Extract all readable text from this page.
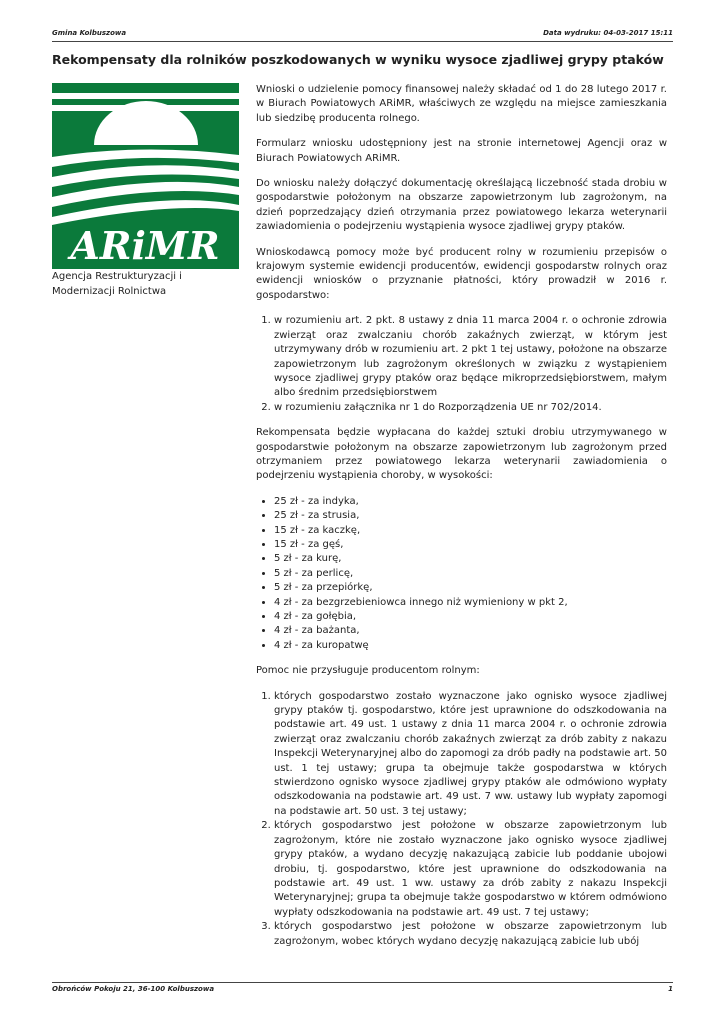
Gmina Kolbuszowa	Data wydruku: 04-03-2017 15:11
Rekompensaty dla rolników poszkodowanych w wyniku wysoce zjadliwej grypy ptaków
ARiMR
Agencja Restrukturyzacji i Modernizacji Rolnictwa

Wnioski o udzielenie pomocy finansowej należy składać od 1 do 28 lutego 2017 r. w Biurach Powiatowych ARiMR, właściwych ze względu na miejsce zamieszkania lub siedzibę producenta rolnego.

Formularz wniosku udostępniony jest na stronie internetowej Agencji oraz w Biurach Powiatowych ARiMR.

Do wniosku należy dołączyć dokumentację określającą liczebność stada drobiu w gospodarstwie położonym na obszarze zapowietrzonym lub zagrożonym, na dzień poprzedzający dzień otrzymania przez powiatowego lekarza weterynarii zawiadomienia o podejrzeniu wystąpienia wysoce zjadliwej grypy ptaków.

Wnioskodawcą pomocy może być producent rolny w rozumieniu przepisów o krajowym systemie ewidencji producentów, ewidencji gospodarstw rolnych oraz ewidencji wniosków o przyznanie płatności, który prowadził w 2016 r. gospodarstwo:

1. w rozumieniu art. 2 pkt. 8 ustawy z dnia 11 marca 2004 r. o ochronie zdrowia zwierząt oraz zwalczaniu chorób zakaźnych zwierząt, w którym jest utrzymywany drób w rozumieniu art. 2 pkt 1 tej ustawy, położone na obszarze zapowietrzonym lub zagrożonym określonych w związku z wystąpieniem wysoce zjadliwej grypy ptaków oraz będące mikroprzedsiębiorstwem, małym albo średnim przedsiębiorstwem
2. w rozumieniu załącznika nr 1 do Rozporządzenia UE nr 702/2014.

Rekompensata będzie wypłacana do każdej sztuki drobiu utrzymywanego w gospodarstwie położonym na obszarze zapowietrzonym lub zagrożonym przed otrzymaniem przez powiatowego lekarza weterynarii zawiadomienia o podejrzeniu wystąpienia choroby, w wysokości:

• 25 zł - za indyka,
• 25 zł - za strusia,
• 15 zł - za kaczkę,
• 15 zł - za gęś,
• 5 zł - za kurę,
• 5 zł - za perlicę,
• 5 zł - za przepiórkę,
• 4 zł - za bezgrzebieniowca innego niż wymieniony w pkt 2,
• 4 zł - za gołębia,
• 4 zł - za bażanta,
• 4 zł - za kuropatwę

Pomoc nie przysługuje producentom rolnym:

1. których gospodarstwo zostało wyznaczone jako ognisko wysoce zjadliwej grypy ptaków tj. gospodarstwo, które jest uprawnione do odszkodowania na podstawie art. 49 ust. 1 ustawy z dnia 11 marca 2004 r. o ochronie zdrowia zwierząt oraz zwalczaniu chorób zakaźnych zwierząt za drób zabity z nakazu Inspekcji Weterynaryjnej albo do zapomogi za drób padły na podstawie art. 50 ust. 1 tej ustawy; grupa ta obejmuje także gospodarstwa w których stwierdzono ognisko wysoce zjadliwej grypy ptaków ale odmówiono wypłaty odszkodowania na podstawie art. 49 ust. 7 ww. ustawy lub wypłaty zapomogi na podstawie art. 50 ust. 3 tej ustawy;
2. których gospodarstwo jest położone w obszarze zapowietrzonym lub zagrożonym, które nie zostało wyznaczone jako ognisko wysoce zjadliwej grypy ptaków, a wydano decyzję nakazującą zabicie lub poddanie ubojowi drobiu, tj. gospodarstwo, które jest uprawnione do odszkodowania na podstawie art. 49 ust. 1 ww. ustawy za drób zabity z nakazu Inspekcji Weterynaryjnej; grupa ta obejmuje także gospodarstwo w którem odmówiono wypłaty odszkodowania na podstawie art. 49 ust. 7 tej ustawy;
3. których gospodarstwo jest położone w obszarze zapowietrzonym lub zagrożonym, wobec których wydano decyzję nakazującą zabicie lub ubój
Obrońców Pokoju 21, 36-100 Kolbuszowa	1
